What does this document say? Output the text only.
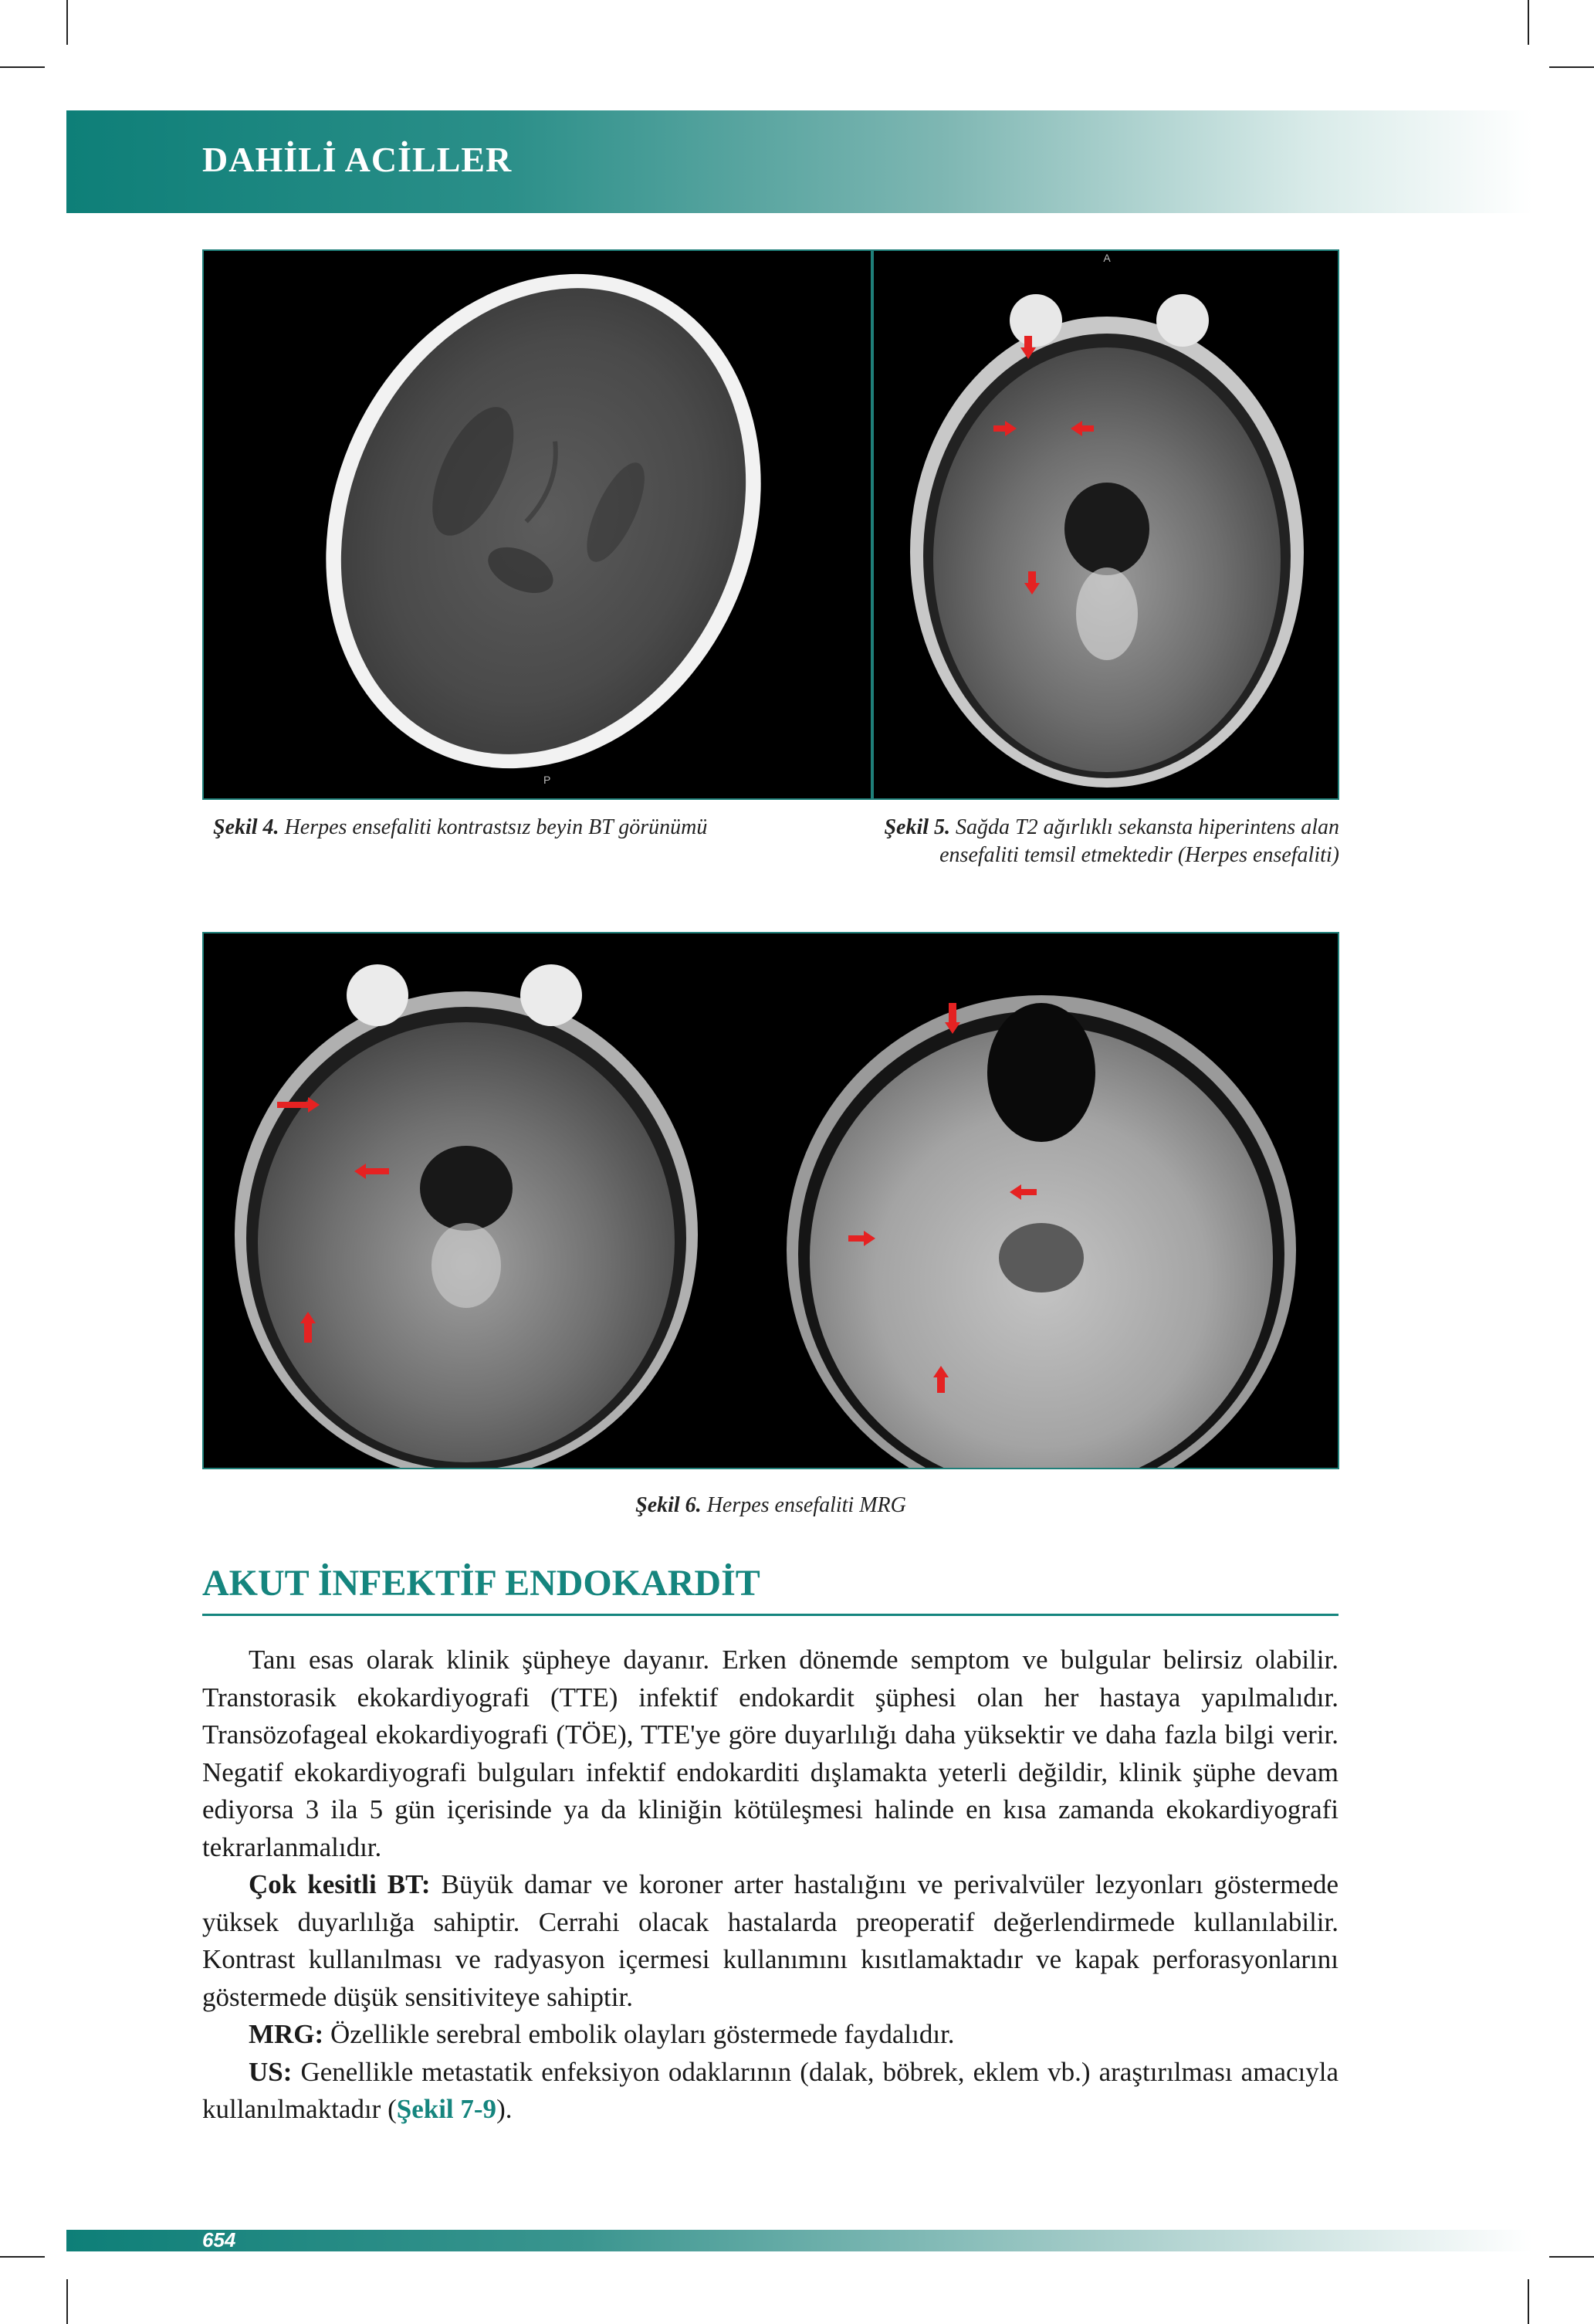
DAHİLİ ACİLLER
P
A
Şekil 4. Herpes ensefaliti kontrastsız beyin BT görünümü	Şekil 5. Sağda T2 ağırlıklı sekansta hiperintens alan ensefaliti temsil etmektedir (Herpes ensefaliti)
Şekil 6. Herpes ensefaliti MRG
AKUT İNFEKTİF ENDOKARDİT

Tanı esas olarak klinik şüpheye dayanır. Erken dönemde semptom ve bulgular belirsiz olabilir. Transtorasik ekokardiyografi (TTE) infektif endokardit şüphesi olan her hastaya yapılmalıdır. Transözofageal ekokardiyografi (TÖE), TTE'ye göre duyarlılığı daha yüksektir ve daha fazla bilgi verir. Negatif ekokardiyografi bulguları infektif endokarditi dışlamakta yeterli değildir, klinik şüphe devam ediyorsa 3 ila 5 gün içerisinde ya da kliniğin kötüleşmesi halinde en kısa zamanda ekokardiyografi tekrarlanmalıdır.

Çok kesitli BT: Büyük damar ve koroner arter hastalığını ve perivalvüler lezyonları göstermede yüksek duyarlılığa sahiptir. Cerrahi olacak hastalarda preoperatif değerlendirmede kullanılabilir. Kontrast kullanılması ve radyasyon içermesi kullanımını kısıtlamaktadır ve kapak perforasyonlarını göstermede düşük sensitiviteye sahiptir.

MRG: Özellikle serebral embolik olayları göstermede faydalıdır.

US: Genellikle metastatik enfeksiyon odaklarının (dalak, böbrek, eklem vb.) araştırılması amacıyla kullanılmaktadır (Şekil 7-9).

654
